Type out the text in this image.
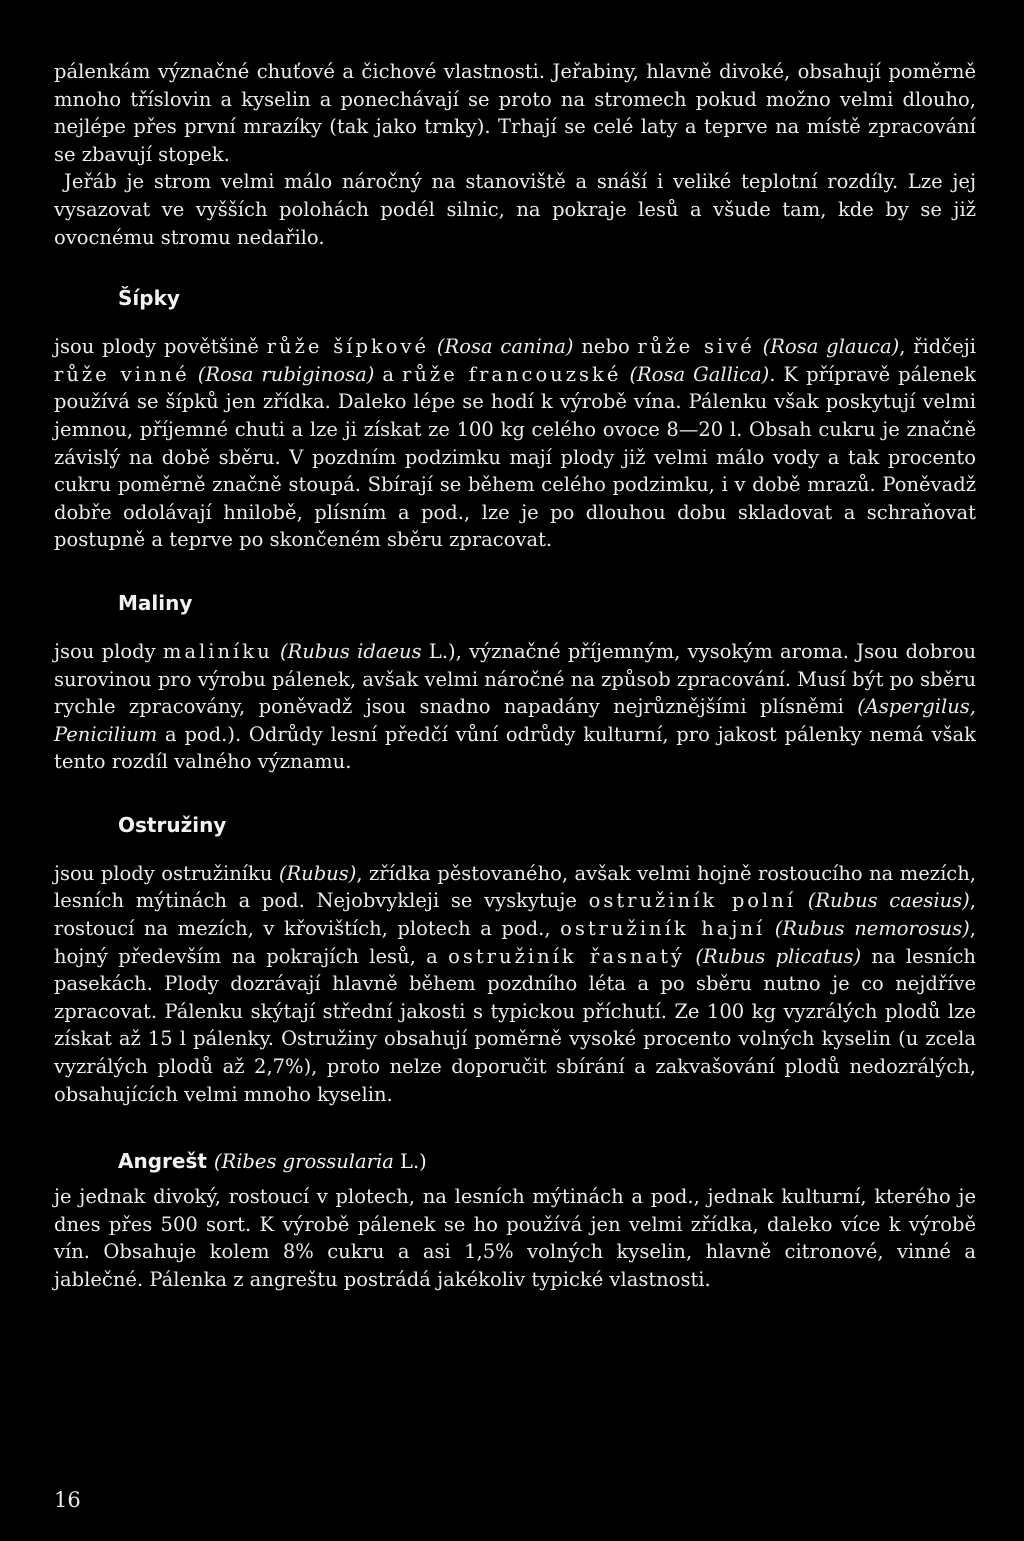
pálenkám význačné chuťové a čichové vlastnosti. Jeřabiny, hlavně divoké, obsahují poměrně mnoho tříslovin a kyselin a ponechávají se proto na stromech pokud možno velmi dlouho, nejlépe přes první mrazíky (tak jako trnky). Trhají se celé laty a teprve na místě zpracování se zbavují stopek.

Jeřáb je strom velmi málo náročný na stanoviště a snáší i veliké teplotní rozdíly. Lze jej vysazovat ve vyšších polohách podél silnic, na pokraje lesů a všude tam, kde by se již ovocnému stromu nedařilo.

Šípky

jsou plody povětšině růže šípkové (Rosa canina) nebo růže sivé (Rosa glauca), řidčeji růže vinné (Rosa rubiginosa) a růže francouzské (Rosa Gallica). K přípravě pálenek používá se šípků jen zřídka. Daleko lépe se hodí k výrobě vína. Pálenku však poskytují velmi jemnou, příjemné chuti a lze ji získat ze 100 kg celého ovoce 8—20 l. Obsah cukru je značně závislý na době sběru. V pozdním podzimku mají plody již velmi málo vody a tak procento cukru poměrně značně stoupá. Sbírají se během celého podzimku, i v době mrazů. Poněvadž dobře odolávají hnilobě, plísním a pod., lze je po dlouhou dobu skladovat a schraňovat postupně a teprve po skončeném sběru zpracovat.

Maliny

jsou plody maliníku (Rubus idaeus L.), význačné příjemným, vysokým aroma. Jsou dobrou surovinou pro výrobu pálenek, avšak velmi náročné na způsob zpracování. Musí být po sběru rychle zpracovány, poněvadž jsou snadno napadány nejrůznějšími plísněmi (Aspergilus, Penicilium a pod.). Odrůdy lesní předčí vůní odrůdy kulturní, pro jakost pálenky nemá však tento rozdíl valného významu.

Ostružiny

jsou plody ostružiníku (Rubus), zřídka pěstovaného, avšak velmi hojně rostoucího na mezích, lesních mýtinách a pod. Nejobvykleji se vyskytuje ostružiník polní (Rubus caesius), rostoucí na mezích, v křovištích, plotech a pod., ostružiník hajní (Rubus nemorosus), hojný především na pokrajích lesů, a ostružiník řasnatý (Rubus plicatus) na lesních pasekách. Plody dozrávají hlavně během pozdního léta a po sběru nutno je co nejdříve zpracovat. Pálenku skýtají střední jakosti s typickou příchutí. Ze 100 kg vyzrálých plodů lze získat až 15 l pálenky. Ostružiny obsahují poměrně vysoké procento volných kyselin (u zcela vyzrálých plodů až 2,7%), proto nelze doporučit sbírání a zakvašování plodů nedozrálých, obsahujících velmi mnoho kyselin.

Angrešt (Ribes grossularia L.)

je jednak divoký, rostoucí v plotech, na lesních mýtinách a pod., jednak kulturní, kterého je dnes přes 500 sort. K výrobě pálenek se ho používá jen velmi zřídka, daleko více k výrobě vín. Obsahuje kolem 8% cukru a asi 1,5% volných kyselin, hlavně citronové, vinné a jablečné. Pálenka z angreštu postrádá jakékoliv typické vlastnosti.

16
